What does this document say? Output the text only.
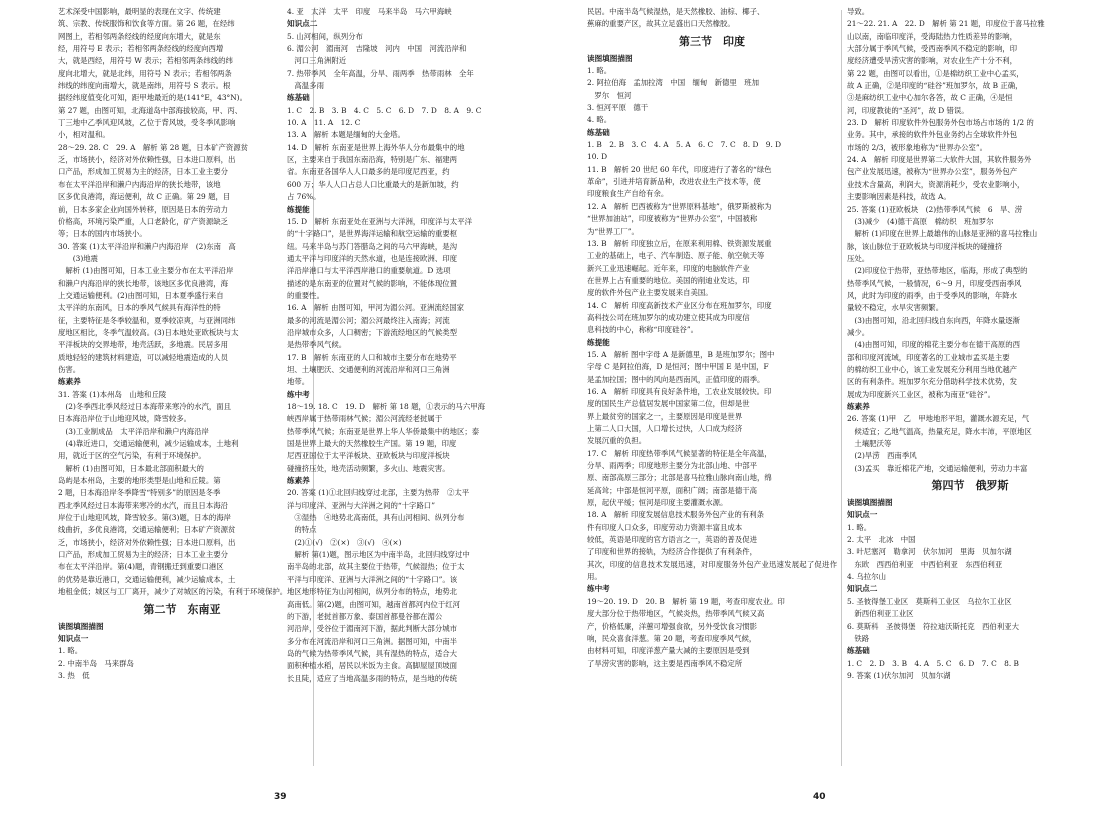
艺术深受中国影响，最明显的表现在文字、传统建
筑、宗教、传统服饰和饮食等方面。第 26 题，在经纬
网图上，若相邻两条经线的经度向东增大，就是东
经，用符号 E 表示；若相邻两条经线的经度向西增
大，就是西经，用符号 W 表示；若相邻两条纬线的纬
度向北增大，就是北纬，用符号 N 表示；若相邻两条
纬线的纬度向南增大，就是南纬，用符号 S 表示。根
据经纬度值变化可知，距甲地最近的是(141°E，43°N)。
第 27 题，由图可知，北海道岛中部海拔较高，甲、丙、
丁三地中乙季风迎风坡，乙位于背风坡，受冬季风影响
小，相对温和。
28～29. 28. C　29. A　解析 第 28 题，日本矿产资源贫
乏，市场狭小，经济对外依赖性强，日本进口原料，出
口产品，形成加工贸易为主的经济，日本工业主要分
布在太平洋沿岸和濑户内海沿岸的狭长地带，该地
区多优良港湾，海运便利，故 C 正确。第 29 题，目
前，日本多家企业向国外转移，原因是日本的劳动力
价格高，环境污染严重，人口老龄化，矿产资源缺乏
等；日本的国内市场狭小。
30. 答案 (1)太平洋沿岸和濑户内海沿岸　(2)东南　高
　　(3)地震
　解析 (1)由图可知，日本工业主要分布在太平洋沿岸
和濑户内海沿岸的狭长地带，该地区多优良港湾，海
上交通运输便利。(2)由图可知，日本夏季盛行来自
太平洋的东南风，日本的季风气候具有海洋性的特
征，主要特征是冬季较温和，夏季较凉爽，与亚洲同纬
度地区相比，冬季气温较高。(3)日本地处亚欧板块与太
平洋板块的交界地带，地壳活跃，多地震。民居多用
质地轻轻的建筑材料建造，可以减轻地震造成的人员
伤害。
练素养
31. 答案 (1)本州岛　山地和丘陵
　(2)冬季西北季风经过日本海带来寒冷的水汽，面且
日本海沿岸位于山地迎风坡，降雪较多。
　(3)工业制成品　太平洋沿岸和濑户内海沿岸
　(4)靠近进口，交通运输便利，减少运输成本，土地利
用，就近于区的空气污染，有利于环境保护。
　解析 (1)由图可知，日本最北部面积最大的
岛屿是本州岛，主要的地形类型是山地和丘陵。第
2 题，日本海沿岸冬季降雪“特别多”的原因是冬季
西北季风经过日本海带来寒冷的水汽，而且日本海沿
岸位于山地迎风坡，降雪较多。第(3)题，日本的海岸
线曲折，多优良港湾，交通运输便利；日本矿产资源贫
乏，市场狭小，经济对外依赖性强；日本进口原料，出
口产品，形成加工贸易为主的经济；日本工业主要分
布在太平洋沿岸。第(4)题，青钢搬迁到重要口港区
的优势是靠近港口，交通运输便利，减少运输成本，土
地租金低；城区与工厂离开，减少了对城区的污染，有利于环境保护。
第二节　东南亚
读图填图描图
知识点一
1. 略。
2. 中南半岛　马来群岛
3. 热　低
4. 亚　太洋　太平　印度　马来半岛　马六甲海峡
知识点二
5. 山河相间，纵列分布
6. 湄公河　湄南河　吉隆坡　河内　中国　河流沿岸和
　河口三角洲附近
7. 热带季风　全年高温，分旱、雨两季　热带雨林　全年
　高温多雨
练基础
1. C　2. B　3. B　4. C　5. C　6. D　7. D　8. A　9. C
10. A　11. A　12. C
13. A　解析 本题是缅甸的大金塔。
14. D　解析 东南亚是世界上海外华人分布最集中的地
区，主要来自于我国东南沿海，特别是广东、福建两
省。东南亚各国华人人口最多的是印度尼西亚，约
600 万；华人人口占总人口比重最大的是新加坡，约
占 76%。
练提能
15. D　解析 东南亚处在亚洲与大洋洲，印度洋与太平洋
的“十字路口”，是世界海洋运输和航空运输的重要枢
纽。马来半岛与苏门答腊岛之间的马六甲海峡，是沟
通太平洋与印度洋的天然水道，也是连接欧洲、印度
洋沿岸港口与太平洋西岸港口的重要航道。D 选项
描述的是东南亚的位置对气候的影响，不能体现位置
的重要性。
16. A　解析 由图可知，甲河为湄公河。亚洲流经国家
最多的河流是湄公河；湄公河最终注入南海；河流
沿岸城市众多，人口稠密；下游流经地区的气候类型
是热带季风气候。
17. B　解析 东南亚的人口和城市主要分布在地势平
坦、土壤肥沃、交通便利的河流沿岸和河口三角洲
地带。
练中考
18～19. 18. C　19. D　解析 第 18 题，①表示的马六甲海
峡西岸属于热带雨林气候；湄公河流经老挝属于
热带季风气候；东南亚是世界上华人华侨最集中的地区；泰
国是世界上最大的天然橡胶生产国。第 19 题，印度
尼西亚国位于太平洋板块、亚欧板块与印度洋板块
碰撞挤压处，地壳活动频繁，多火山、地震灾害。
练素养
20. 答案 (1)①北回归线穿过北部，主要为热带　②太平
洋与印度洋、亚洲与大洋洲之间的“十字路口”
　③湿热　④地势北高南低，具有山河相间、纵列分布
　的特点
　(2)①(√)　②(×)　③(√)　④(×)
　解析 第(1)题，图示地区为中南半岛，北回归线穿过中
南半岛的北部，故其主要位于热带，气候湿热；位于太
平洋与印度洋、亚洲与大洋洲之间的“十字路口”。该
地区地形特征为山河相间，纵列分布的特点，地势北
高南低。第(2)题，由图可知，越南首都河内位于红河
的下游，老挝首都万象、泰国首都曼谷都在湄公
河沿岸，受谷位于湄南河下游，据此判断大部分城市
多分布在河流沿岸和河口三角洲。据图可知，中南半
岛的气候为热带季风气候，具有湿热的特点，适合大
面积种植水稻，居民以米饭为主食。高脚屋屋顶坡面
长且陡，适应了当地高温多雨的特点，是当地的传统
39
民居。中南半岛气候湿热，是天然橡胶、油棕、椰子、
蕉麻的重要产区，故其立足盛出口天然橡胶。
第三节　印度
读图填图描图
1. 略。
2. 阿拉伯海　孟加拉湾　中国　缅甸　新德里　班加
　罗尔　恒河
3. 恒河平原　德干
4. 略。
练基础
1. B　2. B　3. C　4. A　5. A　6. C　7. C　8. D　9. D
10. D
11. B　解析 20 世纪 60 年代，印度进行了著名的“绿色
革命”，引进并培育新品种，改进农业生产技术等，使
印度粮食生产自给有余。
12. A　解析 巴西被称为“世界原料基地”，俄罗斯被称为
“世界加油站”，印度被称为“世界办公室”，中国被称
为“世界工厂”。
13. B　解析 印度独立后，在原来利用棉、铁资源发展重
工业的基础上，电子、汽车制造、原子能、航空航天等
新兴工业迅速崛起。近年来，印度的电脑软件产业
在世界上占有重要的地位。美国的削迪业发达，印
度的软件外包产业主要发展来自美国。
14. C　解析 印度高新技术产业区分布在班加罗尔，印度
高科技公司在班加罗尔的成功建立使其成为印度信
息科技的中心，称称“印度硅谷”。
练提能
15. A　解析 图中字母 A 是新德里，B 是班加罗尔；图中
字母 C 是阿拉伯海，D 是恒河；图中甲国 E 是中国，F
是孟加拉国；图中的风向是西南风，正值印度的雨季。
16. A　解析 印度具有良好条件地，工农业发展较快。印
度的国民生产总值居发展中国家第二位，但却是世
界上最贫穷的国家之一，主要原因是印度是世界
上第二人口大国，人口增长过快，人口成为经济
发展沉重的负担。
17. C　解析 印度热带季风气候显著的特征是全年高温，
分旱、雨两季；印度地形主要分为北部山地、中部平
原、南部高原三部分；北部是喜马拉雅山脉向南山地，绵
延高耸；中部是恒河平原，面积广阔；南部是德干高
原，起伏平缓；恒河是印度主要灌溉水源。
18. A　解析 印度发展信息技术服务外包产业的有利条
件有印度人口众多，印度劳动力资源丰富且成本
较低，英语是印度的官方语言之一，英语的普及促进
了印度和世界的接轨，为经济合作提供了有利条件，
其次，印度的信息技术发展迅速，对印度服务外包产业迅速发展起了促进作用。
练中考
19～20. 19. D　20. B　解析 第 19 题，考查印度农业。印
度大部分位于热带地区，气候炎热，热带季风气候又高
产，价格低廉，洋蕙可增强食欲，另外受饮食习惯影
响，民众喜食洋葱。第 20 题，考查印度季风气候，
由材料可知，印度洋葱产量大减的主要原因是受到
了旱涝灾害的影响，这主要是西南季风不稳定所
导致。
21～22. 21. A　22. D　解析 第 21 题，印度位于喜马拉雅
山以南，南临印度洋，受海陆热力性质差异的影响，
大部分属于季风气候，受西南季风不稳定的影响，印
度经济遭受旱涝灾害的影响，对农业生产十分不利，
第 22 题，由图可以看出，①是棉纺织工业中心孟买，
故 A 正确，②是印度的“硅谷”班加罗尔，故 B 正确，
③是麻纺织工业中心加尔各答，故 C 正确，④是恒
河，印度教徒的“圣河”，故 D 错误。
23. D　解析 印度软件外包服务外包市场占市场的 1/2 的
业务。其中，承接的软件外包业务约占全球软件外包
市场的 2/3，被形象地称为“世界办公室”。
24. A　解析 印度是世界第二大软件大国，其软件服务外
包产业发展迅速，被称为“世界办公室”，服务外包产
业技术含量高，利润大，资源消耗少，受农业影响小，
主要影响因素是科技，故选 A。
25. 答案 (1)亚欧板块　(2)热带季风气候　6　旱、涝
　(3)减少　(4)德干高原　棉纺织　班加罗尔
　解析 (1)印度在世界上最雄伟的山脉是亚洲的喜马拉雅山
脉，该山脉位于亚欧板块与印度洋板块的碰撞挤
压处。
　(2)印度位于热带，亚热带地区，临海，形成了典型的
热带季风气候，一般情况，6～9 月，印度受西南季风
风，此时为印度的雨季，由于受季风的影响，年降水
量较不稳定，水旱灾害频繁。
　(3)由图可知，沿北回归线自东向西，年降水量逐渐
减少。
　(4)由图可知，印度的棉花主要分布在德干高原的西
部和印度河流域，印度著名的工业城市孟买是主要
的棉纺织工业中心，该工业发展充分利用当地优越产
区的有利条件。班加罗尔充分借助科学技术优势，发
展成为印度新兴工业区，被称为南亚“硅谷”。
练素养
26. 答案 (1)甲　乙　甲地地形平坦，灌溉水源充足，气
　候适宜；乙地气温高，热量充足，降水丰沛，平原地区
　土壤肥沃等
　(2)旱涝　西南季风
　(3)孟买　靠近棉花产地，交通运输便利，劳动力丰富
第四节　俄罗斯
读图填图描图
知识点一
1. 略。
2. 太平　北冰　中国
3. 叶尼塞河　勒拿河　伏尔加河　里海　贝加尔湖
　东欧　西西伯利亚　中西伯利亚　东西伯利亚
4. 乌拉尔山
知识点二
5. 圣彼得堡工业区　莫斯科工业区　乌拉尔工业区
　新西伯利亚工业区
6. 莫斯科　圣彼得堡　符拉迪沃斯托克　西伯利亚大
　铁路
练基础
1. C　2. D　3. B　4. A　5. C　6. D　7. C　8. B
9. 答案 (1)伏尔加河　贝加尔湖
40
